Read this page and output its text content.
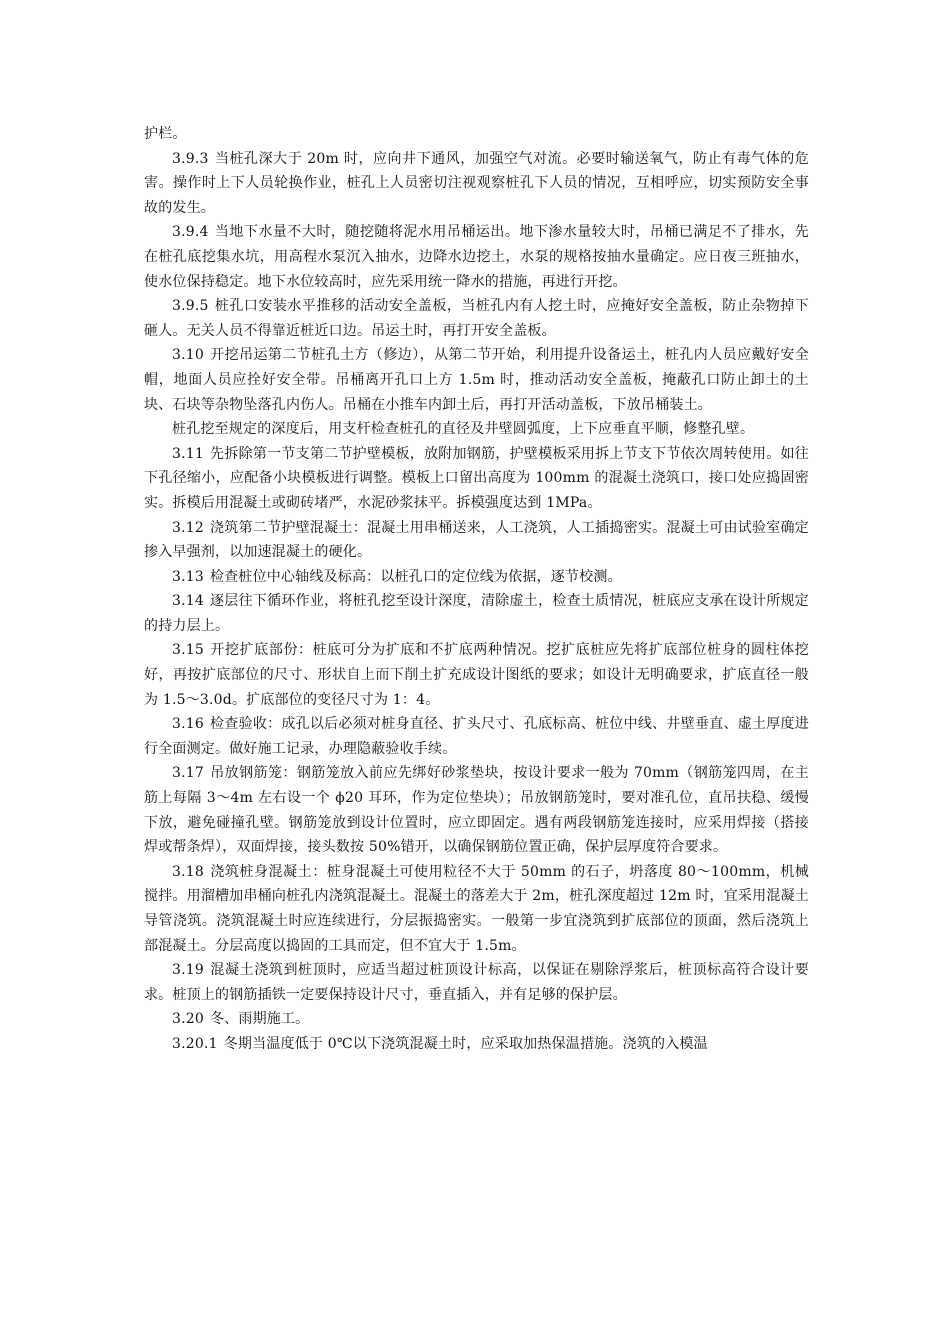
护栏。

3.9.3 当桩孔深大于 20m 时，应向井下通风，加强空气对流。必要时输送氧气，防止有毒气体的危害。操作时上下人员轮换作业，桩孔上人员密切注视观察桩孔下人员的情况，互相呼应，切实预防安全事故的发生。

3.9.4 当地下水量不大时，随挖随将泥水用吊桶运出。地下渗水量较大时，吊桶已满足不了排水，先在桩孔底挖集水坑，用高程水泵沉入抽水，边降水边挖土，水泵的规格按抽水量确定。应日夜三班抽水，使水位保持稳定。地下水位较高时，应先采用统一降水的措施，再进行开挖。

3.9.5 桩孔口安装水平推移的活动安全盖板，当桩孔内有人挖土时，应掩好安全盖板，防止杂物掉下砸人。无关人员不得靠近桩近口边。吊运土时，再打开安全盖板。

3.10 开挖吊运第二节桩孔土方（修边），从第二节开始，利用提升设备运土，桩孔内人员应戴好安全帽，地面人员应拴好安全带。吊桶离开孔口上方 1.5m 时，推动活动安全盖板，掩蔽孔口防止卸土的土块、石块等杂物坠落孔内伤人。吊桶在小推车内卸土后，再打开活动盖板，下放吊桶装土。

桩孔挖至规定的深度后，用支杆检查桩孔的直径及井壁圆弧度，上下应垂直平顺，修整孔壁。

3.11 先拆除第一节支第二节护壁模板，放附加钢筋，护壁模板采用拆上节支下节依次周转使用。如往下孔径缩小，应配备小块模板进行调整。模板上口留出高度为 100mm 的混凝土浇筑口，接口处应捣固密实。拆模后用混凝土或砌砖堵严，水泥砂浆抹平。拆模强度达到 1MPa。

3.12 浇筑第二节护壁混凝土：混凝土用串桶送来，人工浇筑，人工插捣密实。混凝土可由试验室确定掺入早强剂，以加速混凝土的硬化。

3.13 检查桩位中心轴线及标高：以桩孔口的定位线为依据，逐节校测。

3.14 逐层往下循环作业，将桩孔挖至设计深度，清除虚土，检查土质情况，桩底应支承在设计所规定的持力层上。

3.15 开挖扩底部份：桩底可分为扩底和不扩底两种情况。挖扩底桩应先将扩底部位桩身的圆柱体挖好，再按扩底部位的尺寸、形状自上而下削土扩充成设计图纸的要求；如设计无明确要求，扩底直径一般为 1.5～3.0d。扩底部位的变径尺寸为 1：4。

3.16 检查验收：成孔以后必须对桩身直径、扩头尺寸、孔底标高、桩位中线、井壁垂直、虚土厚度进行全面测定。做好施工记录，办理隐蔽验收手续。

3.17 吊放钢筋笼：钢筋笼放入前应先绑好砂浆垫块，按设计要求一般为 70mm（钢筋笼四周，在主筋上每隔 3～4m 左右设一个 ϕ20 耳环，作为定位垫块）；吊放钢筋笼时，要对准孔位，直吊扶稳、缓慢下放，避免碰撞孔壁。钢筋笼放到设计位置时，应立即固定。遇有两段钢筋笼连接时，应采用焊接（搭接焊或帮条焊），双面焊接，接头数按 50%错开，以确保钢筋位置正确，保护层厚度符合要求。

3.18 浇筑桩身混凝土：桩身混凝土可使用粒径不大于 50mm 的石子，坍落度 80～100mm，机械搅拌。用溜槽加串桶向桩孔内浇筑混凝土。混凝土的落差大于 2m，桩孔深度超过 12m 时，宜采用混凝土导管浇筑。浇筑混凝土时应连续进行，分层振捣密实。一般第一步宜浇筑到扩底部位的顶面，然后浇筑上部混凝土。分层高度以捣固的工具而定，但不宜大于 1.5m。

3.19 混凝土浇筑到桩顶时，应适当超过桩顶设计标高，以保证在剔除浮浆后，桩顶标高符合设计要求。桩顶上的钢筋插铁一定要保持设计尺寸，垂直插入，并有足够的保护层。

3.20 冬、雨期施工。

3.20.1 冬期当温度低于 0℃以下浇筑混凝土时，应采取加热保温措施。浇筑的入模温
